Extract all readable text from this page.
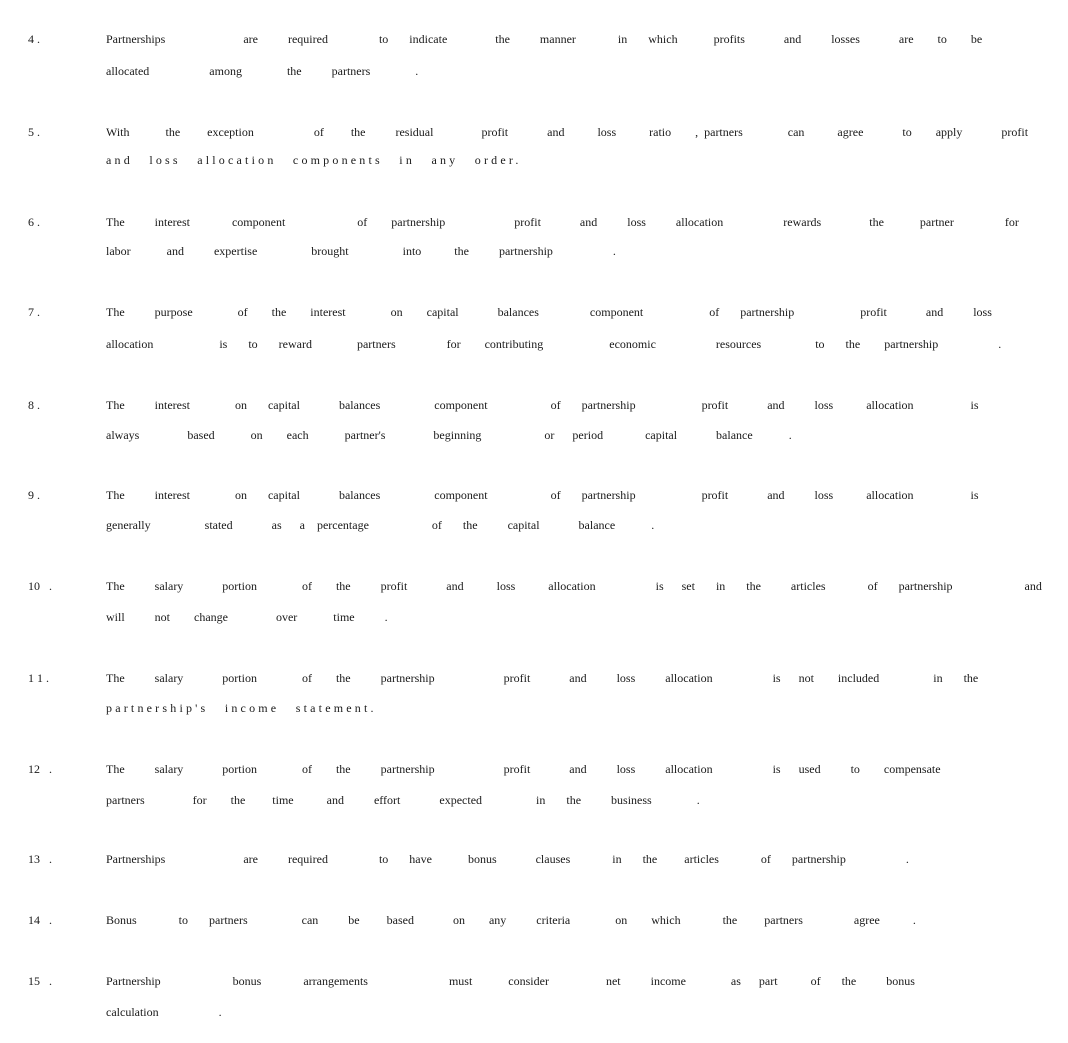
4 .	Partnerships                          are          required                 to       indicate                the          manner              in       which            profits             and          losses             are        to        be
allocated                    among               the          partners               .
5 .	With            the         exception                    of         the          residual                profit             and           loss           ratio        ,  partners               can           agree             to        apply             profit
and  loss  allocation  components  in  any  order.
6 .	The          interest              component                        of        partnership                       profit             and          loss          allocation                    rewards                the            partner                 for
labor            and          expertise                  brought                  into           the          partnership                    .
7 .	The          purpose               of        the        interest               on        capital             balances                 component                      of       partnership                      profit             and          loss
allocation                      is       to       reward               partners                 for        contributing                      economic                    resources                  to       the        partnership                    .
8 .	The          interest               on       capital             balances                  component                     of       partnership                      profit             and          loss           allocation                   is
always                based            on        each            partner's                beginning                     or      period              capital             balance            .
9 .	The          interest               on       capital             balances                  component                     of       partnership                      profit             and          loss           allocation                   is
generally                  stated             as      a    percentage                     of       the          capital             balance            .
10   .	The          salary             portion               of        the          profit             and           loss           allocation                    is      set       in       the          articles              of       partnership                        and
will          not        change                over            time          .
1 1 .	The          salary             portion               of        the          partnership                       profit             and          loss          allocation                    is      not        included                  in       the
partnership's  income  statement.
12   .	The          salary             portion               of        the          partnership                       profit             and          loss          allocation                    is      used          to        compensate
partners                for        the         time           and          effort             expected                  in       the          business               .
13   .	Partnerships                          are          required                 to       have            bonus             clauses              in       the         articles              of       partnership                    .
14   .	Bonus              to       partners                  can          be         based             on        any          criteria               on        which              the         partners                 agree           .
15   .	Partnership                        bonus              arrangements                           must            consider                   net          income               as      part           of       the          bonus
calculation                    .
